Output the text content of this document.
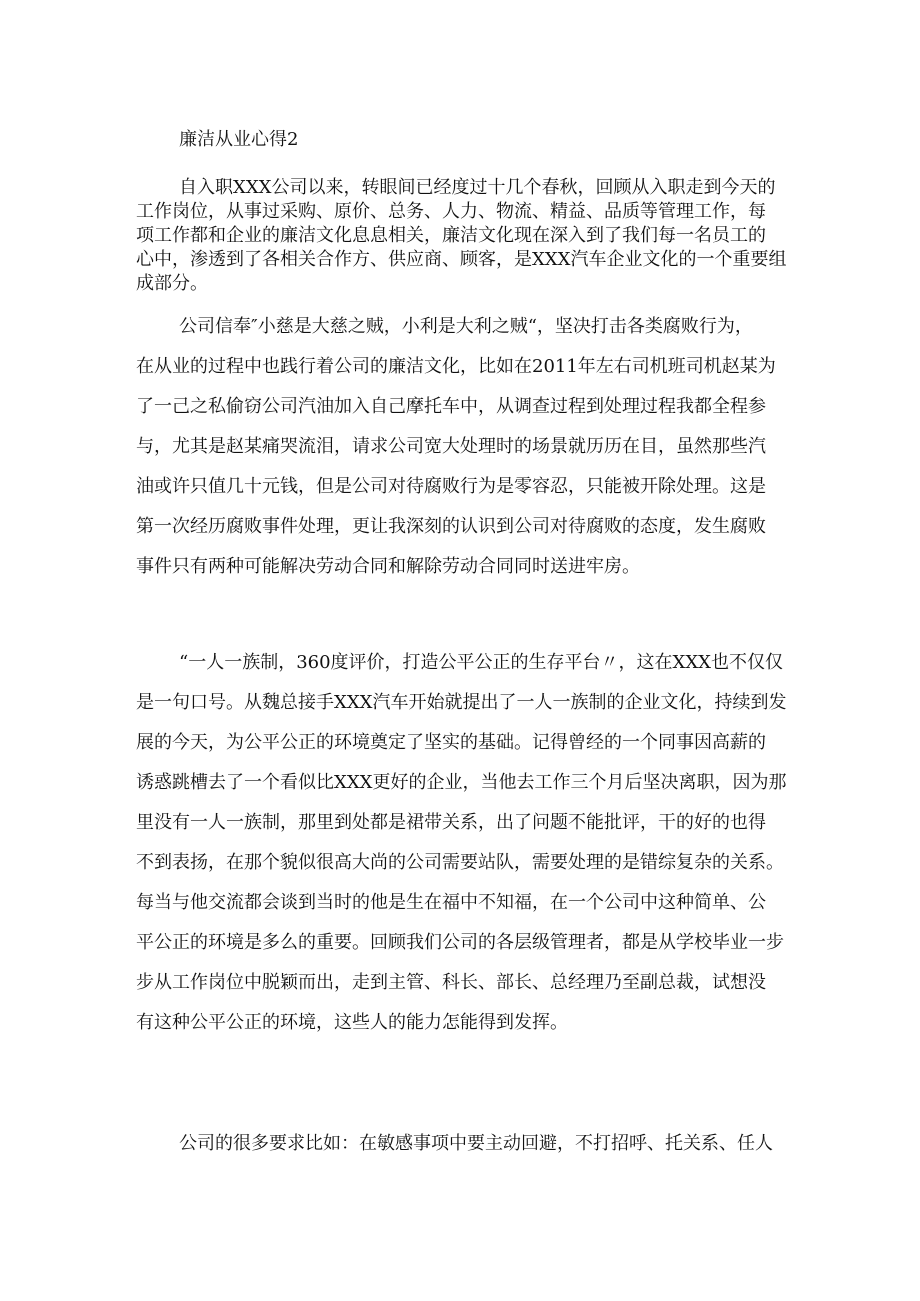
廉洁从业心得2
自入职XXX公司以来，转眼间已经度过十几个春秋，回顾从入职走到今天的
工作岗位，从事过采购、原价、总务、人力、物流、精益、品质等管理工作，每
项工作都和企业的廉洁文化息息相关，廉洁文化现在深入到了我们每一名员工的
心中，渗透到了各相关合作方、供应商、顾客，是XXX汽车企业文化的一个重要组
成部分。
公司信奉″小慈是大慈之贼，小利是大利之贼“，坚决打击各类腐败行为，
在从业的过程中也践行着公司的廉洁文化，比如在2011年左右司机班司机赵某为
了一己之私偷窃公司汽油加入自己摩托车中，从调查过程到处理过程我都全程参
与，尤其是赵某痛哭流泪，请求公司宽大处理时的场景就历历在目，虽然那些汽
油或许只值几十元钱，但是公司对待腐败行为是零容忍，只能被开除处理。这是
第一次经历腐败事件处理，更让我深刻的认识到公司对待腐败的态度，发生腐败
事件只有两种可能解决劳动合同和解除劳动合同同时送进牢房。
“一人一族制，360度评价，打造公平公正的生存平台〃，这在XXX也不仅仅
是一句口号。从魏总接手XXX汽车开始就提出了一人一族制的企业文化，持续到发
展的今天，为公平公正的环境奠定了坚实的基础。记得曾经的一个同事因高薪的
诱惑跳槽去了一个看似比XXX更好的企业，当他去工作三个月后坚决离职，因为那
里没有一人一族制，那里到处都是裙带关系，出了问题不能批评，干的好的也得
不到表扬，在那个貌似很高大尚的公司需要站队，需要处理的是错综复杂的关系。
每当与他交流都会谈到当时的他是生在福中不知福，在一个公司中这种简单、公
平公正的环境是多么的重要。回顾我们公司的各层级管理者，都是从学校毕业一步
步从工作岗位中脱颖而出，走到主管、科长、部长、总经理乃至副总裁，试想没
有这种公平公正的环境，这些人的能力怎能得到发挥。
公司的很多要求比如：在敏感事项中要主动回避，不打招呼、托关系、任人
